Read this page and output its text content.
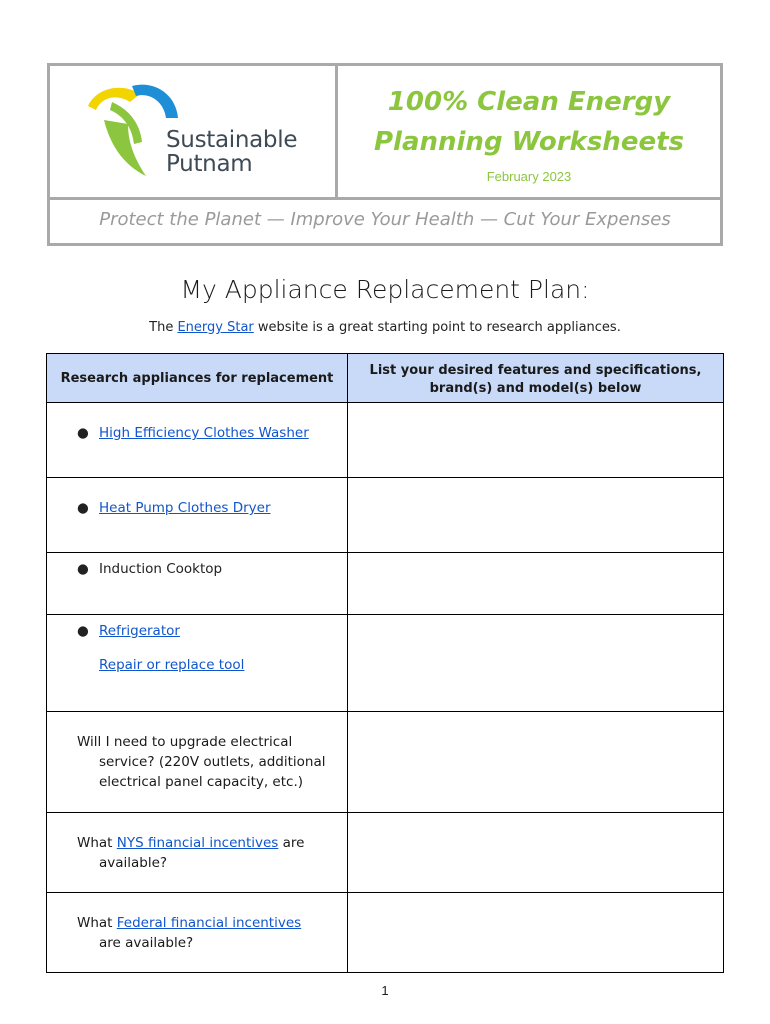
Sustainable
Putnam
100% Clean Energy
Planning Worksheets
February 2023
Protect the Planet — Improve Your Health — Cut Your Expenses
My Appliance Replacement Plan:
The Energy Star website is a great starting point to research appliances.
Research appliances for replacement	List your desired features and specifications, brand(s) and model(s) below

● High Efficiency Clothes Washer	

● Heat Pump Clothes Dryer	

● Induction Cooktop	

● Refrigerator
Repair or replace tool	

Will I need to upgrade electrical
service? (220V outlets, additional electrical panel capacity, etc.)	

What NYS financial incentives are
available?	

What Federal financial incentives
are available?	

1
